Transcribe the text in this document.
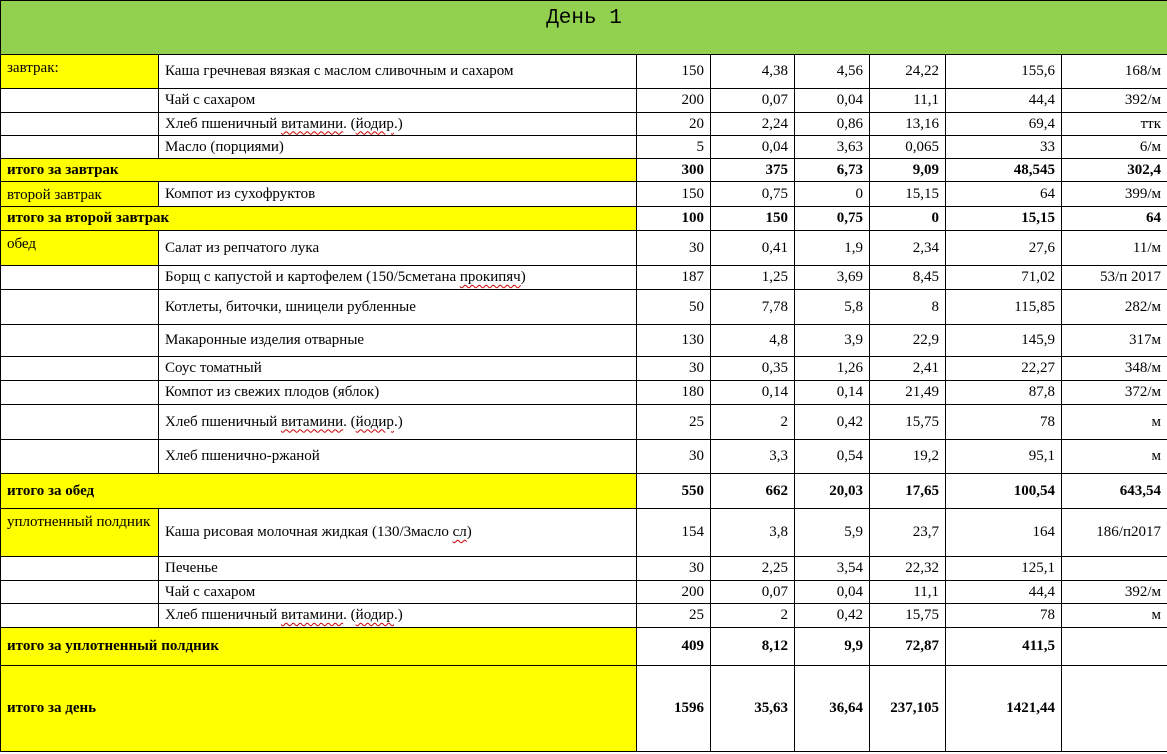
День 1							
завтрак:	Каша гречневая вязкая с маслом сливочным и сахаром	150	4,38	4,56	24,22	155,6	168/м
	Чай с сахаром	200	0,07	0,04	11,1	44,4	392/м
	Хлеб пшеничный витамини. (йодир.)	20	2,24	0,86	13,16	69,4	ттк
	Масло (порциями)	5	0,04	3,63	0,065	33	6/м
итого за завтрак		300	375	6,73	9,09	48,545	302,4
второй завтрак	Компот из сухофруктов	150	0,75	0	15,15	64	399/м
итого за второй завтрак		100	150	0,75	0	15,15	64
обед	Салат из репчатого лука	30	0,41	1,9	2,34	27,6	11/м
	Борщ с капустой и картофелем (150/5сметана прокипяч)	187	1,25	3,69	8,45	71,02	53/п 2017
	Котлеты, биточки, шницели рубленные	50	7,78	5,8	8	115,85	282/м
	Макаронные изделия отварные	130	4,8	3,9	22,9	145,9	317м
	Соус томатный	30	0,35	1,26	2,41	22,27	348/м
	Компот из свежих плодов (яблок)	180	0,14	0,14	21,49	87,8	372/м
	Хлеб пшеничный витамини. (йодир.)	25	2	0,42	15,75	78	м
	Хлеб пшенично-ржаной	30	3,3	0,54	19,2	95,1	м
итого за обед		550	662	20,03	17,65	100,54	643,54
уплотненный полдник	Каша рисовая молочная жидкая (130/3масло сл)	154	3,8	5,9	23,7	164	186/п2017
	Печенье	30	2,25	3,54	22,32	125,1	
	Чай с сахаром	200	0,07	0,04	11,1	44,4	392/м
	Хлеб пшеничный витамини. (йодир.)	25	2	0,42	15,75	78	м
итого за уплотненный полдник		409	8,12	9,9	72,87	411,5	
итого за день		1596	35,63	36,64	237,105	1421,44	
